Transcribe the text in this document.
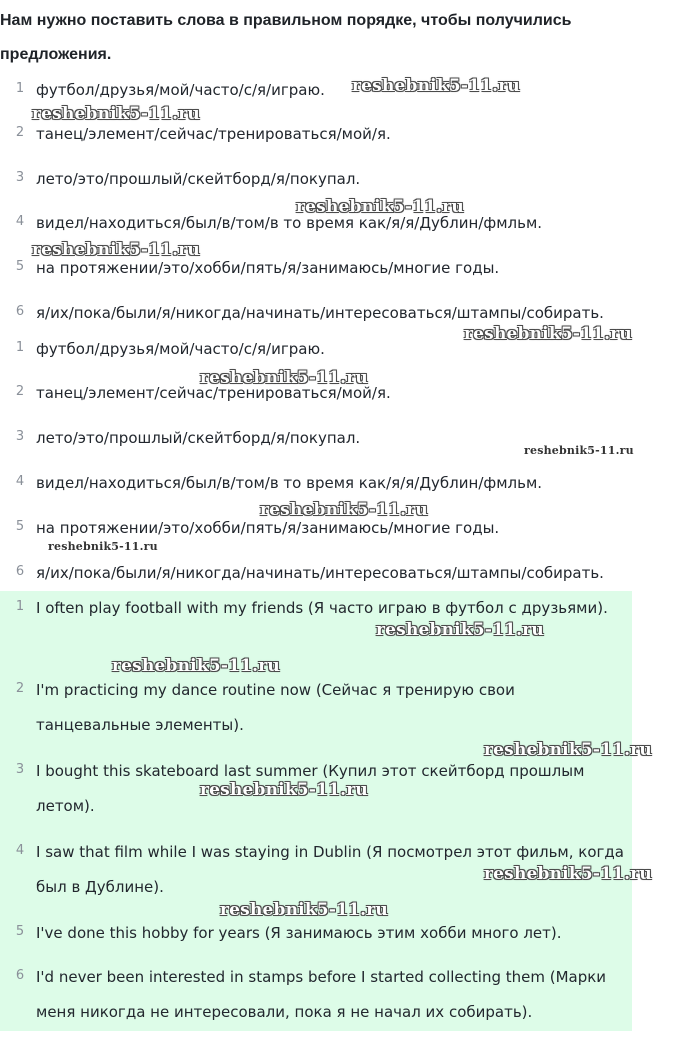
Нам нужно поставить слова в правильном порядке, чтобы получились предложения.
1 футбол/друзья/мой/часто/с/я/играю.
2 танец/элемент/сейчас/тренироваться/мой/я.
3 лето/это/прошлый/скейтборд/я/покупал.
4 видел/находиться/был/в/том/в то время как/я/я/Дублин/фмльм.
5 на протяжении/это/хобби/пять/я/занимаюсь/многие годы.
6 я/их/пока/были/я/никогда/начинать/интересоваться/штампы/собирать.
1 футбол/друзья/мой/часто/с/я/играю.
2 танец/элемент/сейчас/тренироваться/мой/я.
3 лето/это/прошлый/скейтборд/я/покупал.
4 видел/находиться/был/в/том/в то время как/я/я/Дублин/фмльм.
5 на протяжении/это/хобби/пять/я/занимаюсь/многие годы.
6 я/их/пока/были/я/никогда/начинать/интересоваться/штампы/собирать.
1 I often play football with my friends (Я часто играю в футбол с друзьями).
2 I'm practicing my dance routine now (Сейчас я тренирую свои танцевальные элементы).
3 I bought this skateboard last summer (Купил этот скейтборд прошлым летом).
4 I saw that film while I was staying in Dublin (Я посмотрел этот фильм, когда был в Дублине).
5 I've done this hobby for years (Я занимаюсь этим хобби много лет).
6 I'd never been interested in stamps before I started collecting them (Марки меня никогда не интересовали, пока я не начал их собирать).
reshebnik5-11.ru
reshebnik5-11.ru
reshebnik5-11.ru
reshebnik5-11.ru
reshebnik5-11.ru
reshebnik5-11.ru
reshebnik5-11.ru
reshebnik5-11.ru
reshebnik5-11.ru
reshebnik5-11.ru
reshebnik5-11.ru
reshebnik5-11.ru
reshebnik5-11.ru
reshebnik5-11.ru
reshebnik5-11.ru
